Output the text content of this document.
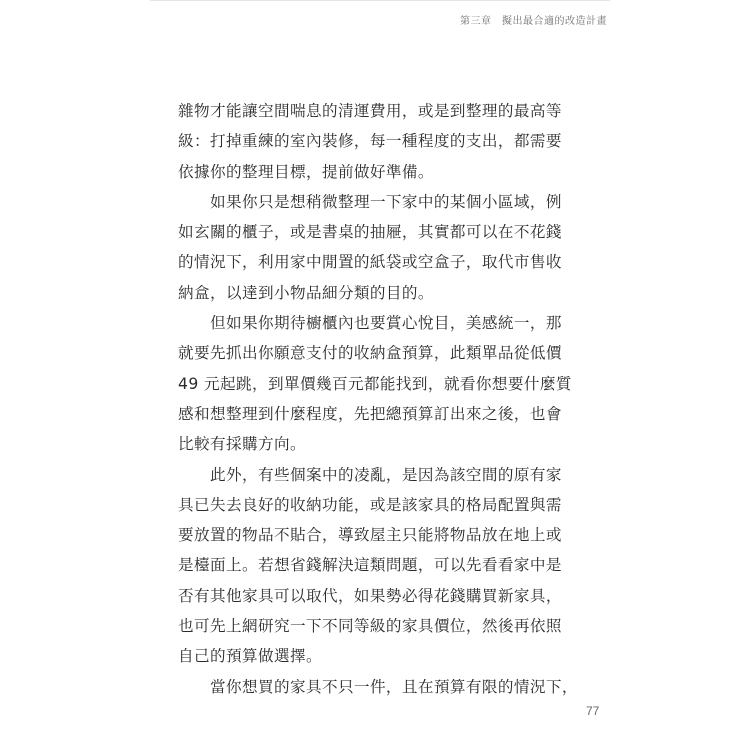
第三章　擬出最合適的改造計畫
雜物才能讓空間喘息的清運費用，或是到整理的最高等
級：打掉重練的室內裝修，每一種程度的支出，都需要
依據你的整理目標，提前做好準備。
如果你只是想稍微整理一下家中的某個小區域，例
如玄關的櫃子，或是書桌的抽屜，其實都可以在不花錢
的情況下，利用家中閒置的紙袋或空盒子，取代市售收
納盒，以達到小物品細分類的目的。
但如果你期待櫥櫃內也要賞心悅目，美感統一，那
就要先抓出你願意支付的收納盒預算，此類單品從低價
49 元起跳，到單價幾百元都能找到，就看你想要什麼質
感和想整理到什麼程度，先把總預算訂出來之後，也會
比較有採購方向。
此外，有些個案中的凌亂，是因為該空間的原有家
具已失去良好的收納功能，或是該家具的格局配置與需
要放置的物品不貼合，導致屋主只能將物品放在地上或
是檯面上。若想省錢解決這類問題，可以先看看家中是
否有其他家具可以取代，如果勢必得花錢購買新家具，
也可先上網研究一下不同等級的家具價位，然後再依照
自己的預算做選擇。
當你想買的家具不只一件，且在預算有限的情況下，
77
